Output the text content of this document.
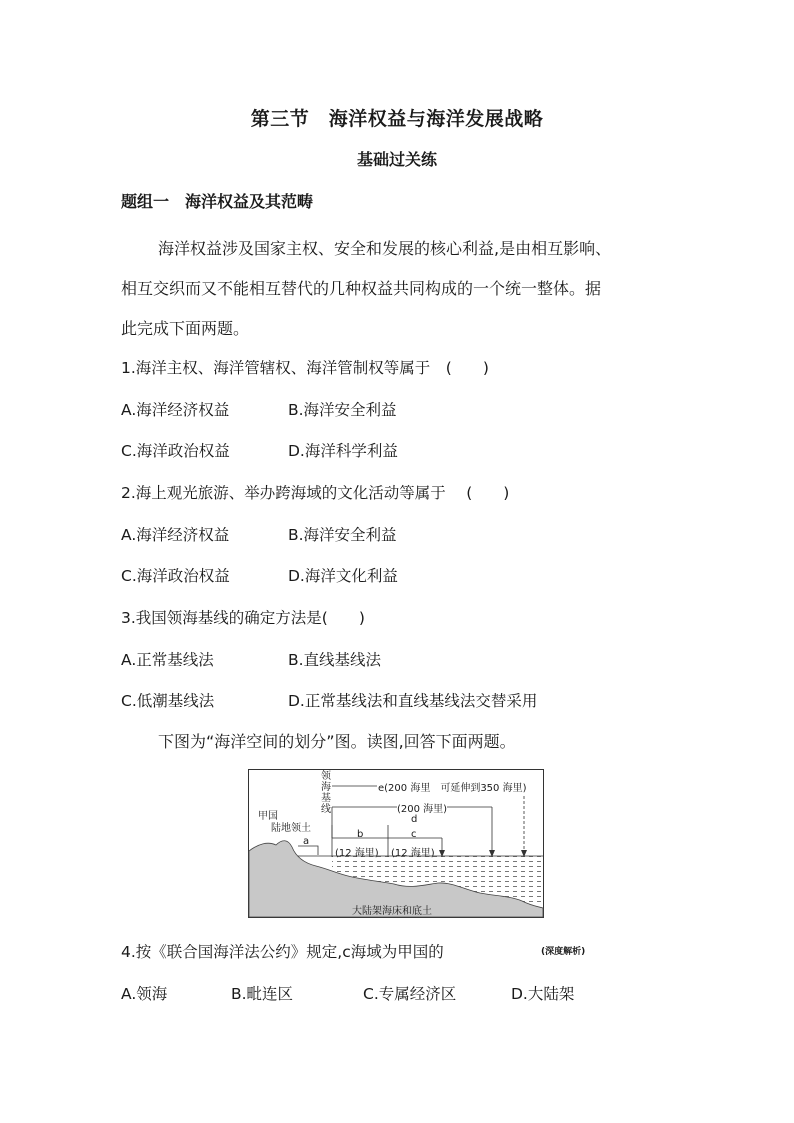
第三节　海洋权益与海洋发展战略
基础过关练
题组一　海洋权益及其范畴
海洋权益涉及国家主权、安全和发展的核心利益,是由相互影响、
相互交织而又不能相互替代的几种权益共同构成的一个统一整体。据
此完成下面两题。
1.海洋主权、海洋管辖权、海洋管制权等属于　(　　)
A.海洋经济权益	B.海洋安全利益
C.海洋政治权益	D.海洋科学利益
2.海上观光旅游、举办跨海域的文化活动等属于　 (　　)
A.海洋经济权益	B.海洋安全利益
C.海洋政治权益	D.海洋文化利益
3.我国领海基线的确定方法是(　　)
A.正常基线法	B.直线基线法
C.低潮基线法	D.正常基线法和直线基线法交替采用
下图为“海洋空间的划分”图。读图,回答下面两题。
领
海
基
线
e(200 海里　可延伸到350 海里)
(200 海里)
d
甲国
陆地领土
a
b	c
(12 海里) (12 海里)
大陆架海床和底土
4.按《联合国海洋法公约》规定,c海域为甲国的	(深度解析)
A.领海	B.毗连区	C.专属经济区	D.大陆架
